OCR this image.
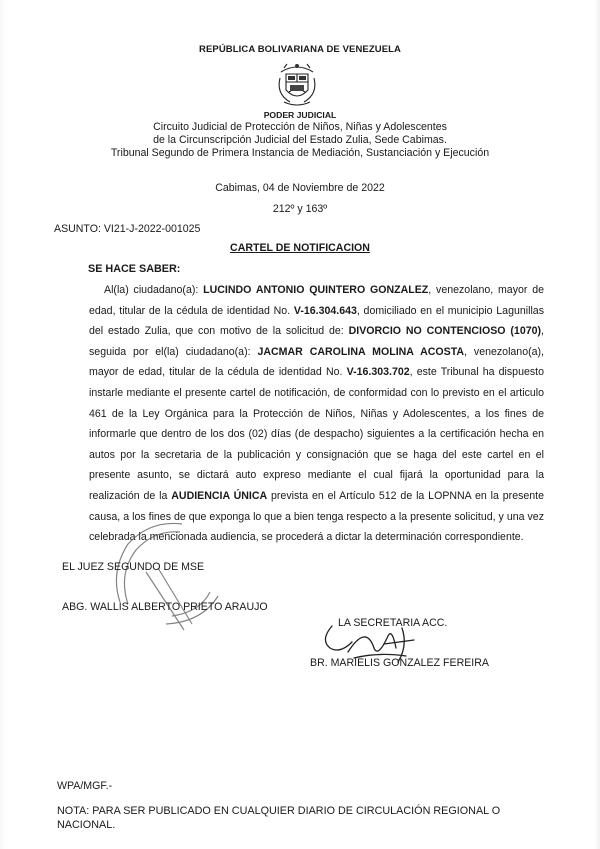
REPÚBLICA BOLIVARIANA DE VENEZUELA
PODER JUDICIAL
Circuito Judicial de Protección de Niños, Niñas y Adolescentes
de la Circunscripción Judicial del Estado Zulia, Sede Cabimas.
Tribunal Segundo de Primera Instancia de Mediación, Sustanciación y Ejecución
Cabimas, 04 de Noviembre de 2022
212º y 163º
ASUNTO: VI21-J-2022-001025
CARTEL DE NOTIFICACION
SE HACE SABER:
Al(la) ciudadano(a): LUCINDO ANTONIO QUINTERO GONZALEZ, venezolano, mayor de edad, titular de la cédula de identidad No. V-16.304.643, domiciliado en el municipio Lagunillas del estado Zulia, que con motivo de la solicitud de: DIVORCIO NO CONTENCIOSO (1070), seguida por el(la) ciudadano(a): JACMAR CAROLINA MOLINA ACOSTA, venezolano(a), mayor de edad, titular de la cédula de identidad No. V-16.303.702, este Tribunal ha dispuesto instarle mediante el presente cartel de notificación, de conformidad con lo previsto en el articulo 461 de la Ley Orgánica para la Protección de Niños, Niñas y Adolescentes, a los fines de informarle que dentro de los dos (02) días (de despacho) siguientes a la certificación hecha en autos por la secretaria de la publicación y consignación que se haga del este cartel en el presente asunto, se dictará auto expreso mediante el cual fijará la oportunidad para la realización de la AUDIENCIA ÚNICA prevista en el Artículo 512 de la LOPNNA en la presente causa, a los fines de que exponga lo que a bien tenga respecto a la presente solicitud, y una vez celebrada la mencionada audiencia, se procederá a dictar la determinación correspondiente.
EL JUEZ SEGUNDO DE MSE
ABG. WALLIS ALBERTO PRIETO ARAUJO
LA SECRETARIA ACC.
BR. MARIELIS GONZALEZ FEREIRA
WPA/MGF.-
NOTA: PARA SER PUBLICADO EN CUALQUIER DIARIO DE CIRCULACIÓN REGIONAL O NACIONAL.
